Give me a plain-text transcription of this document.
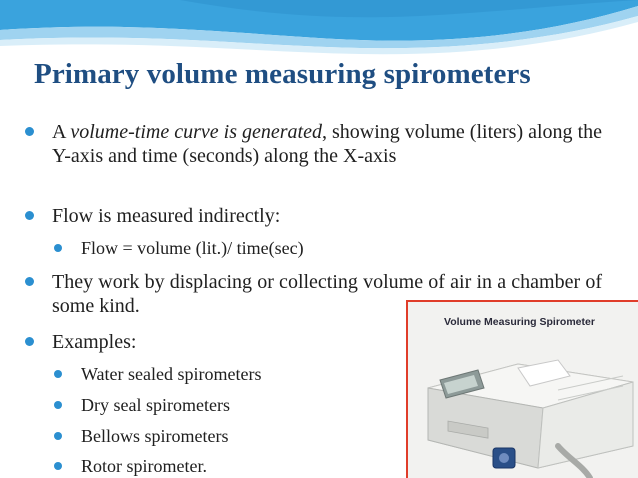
Primary volume measuring spirometers
A volume-time curve is generated, showing volume (liters) along the Y-axis and time (seconds) along the X-axis
Flow is measured indirectly:
Flow = volume (lit.)/ time(sec)
They work by displacing or collecting volume of air in a chamber of some kind.
Examples:
Water sealed spirometers
Dry seal spirometers
Bellows spirometers
Rotor spirometer.
Volume Measuring Spirometer
